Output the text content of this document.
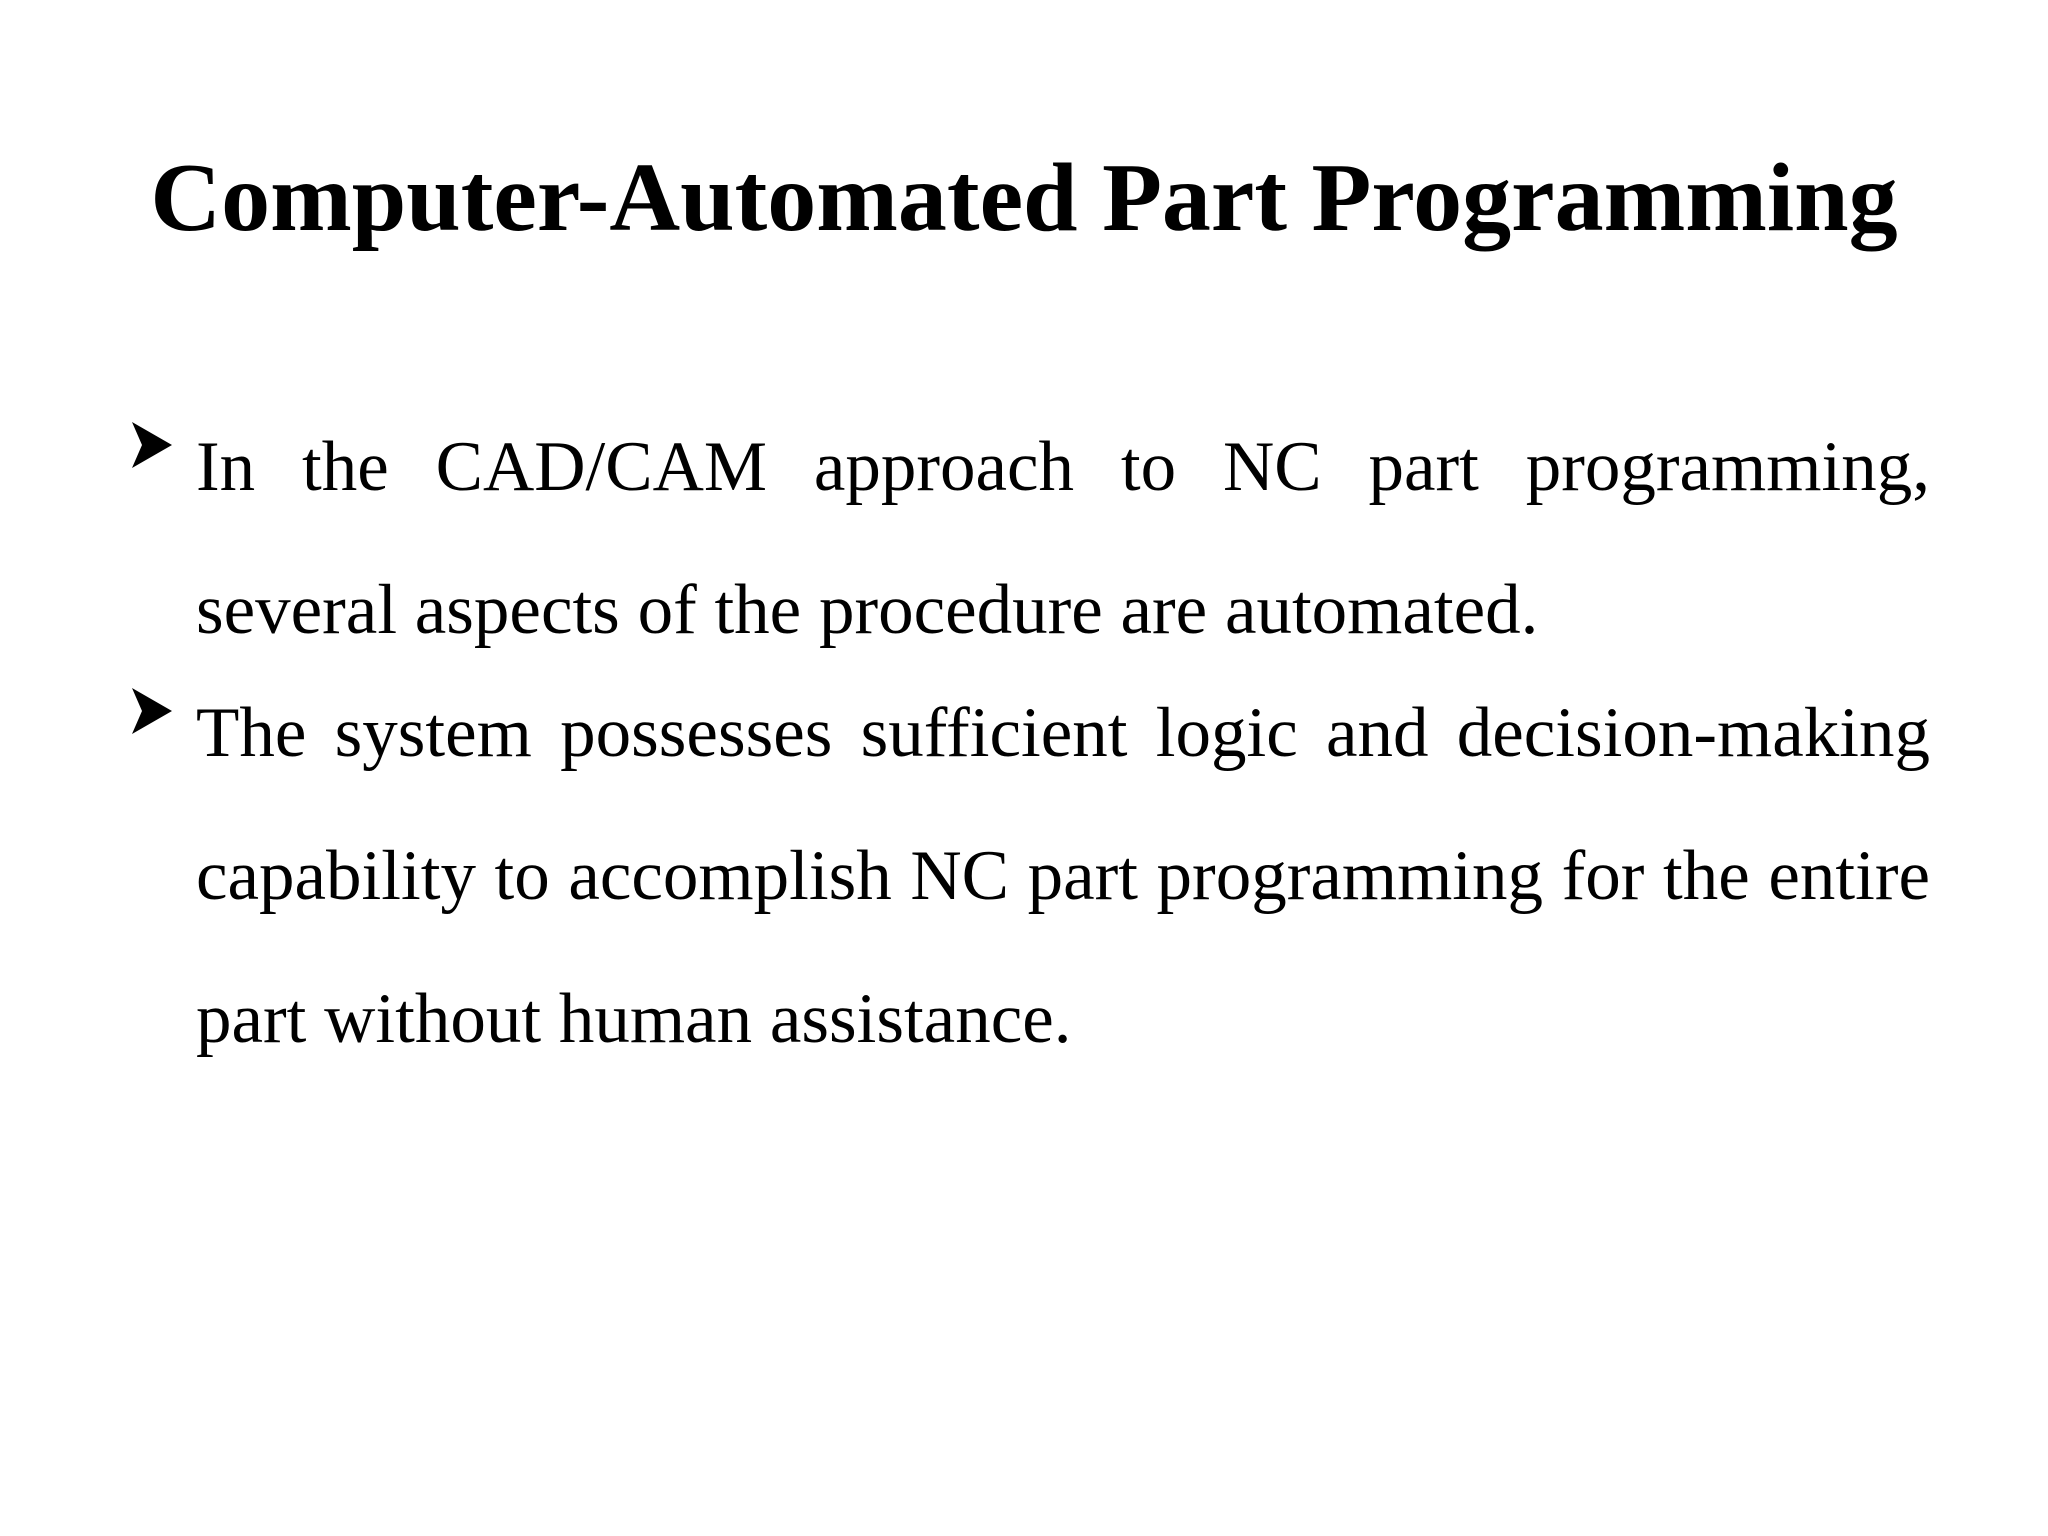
Computer-Automated Part Programming
In the CAD/CAM approach to NC part programming, several aspects of the procedure are automated.
The system possesses sufficient logic and decision-making capability to accomplish NC part programming for the entire part without human assistance.
